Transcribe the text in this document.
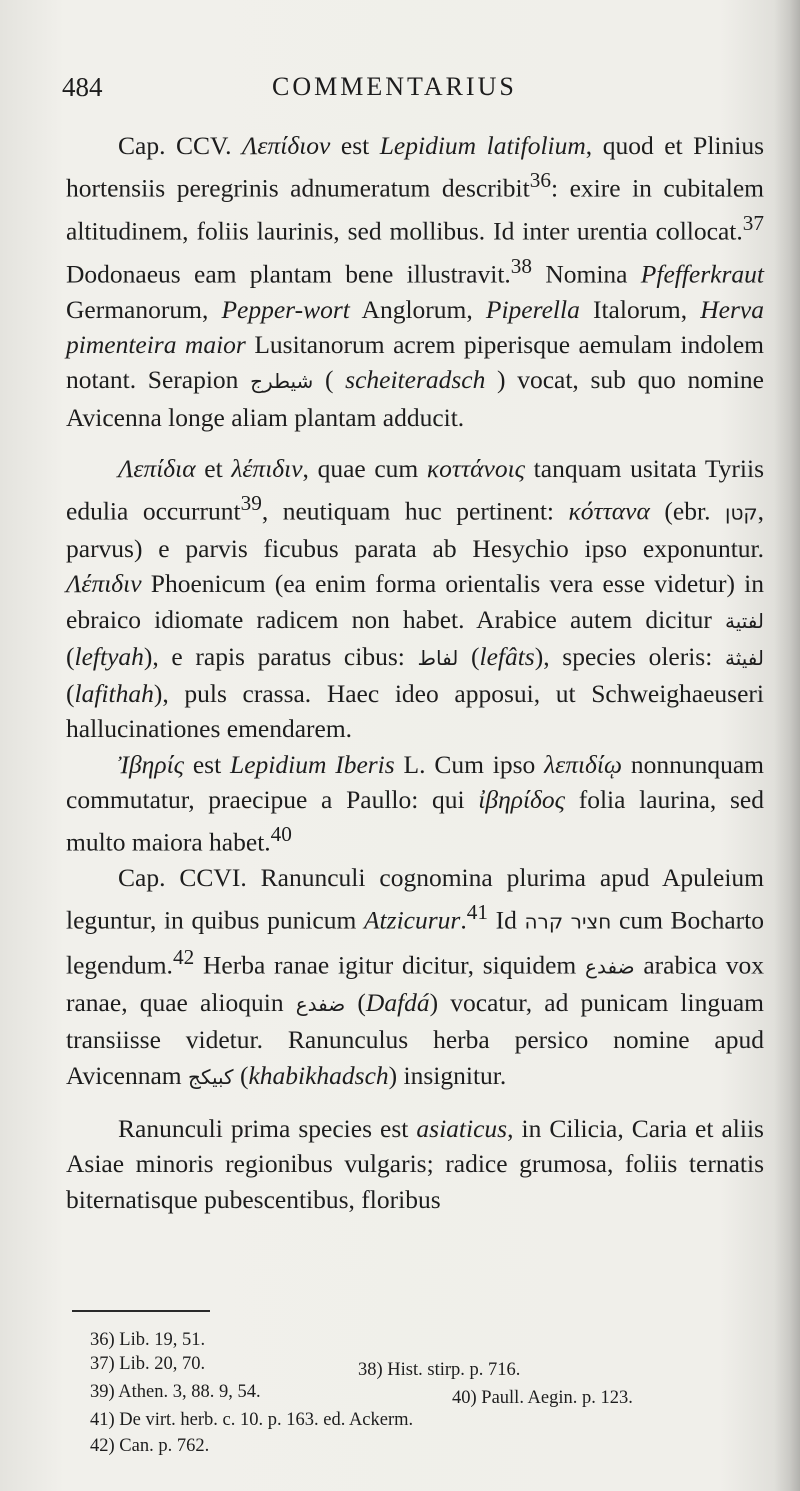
484	COMMENTARIUS

Cap. CCV. Λεπίδιον est Lepidium latifolium, quod et Plinius hortensiis peregrinis adnumeratum describit$^{36}$: exire in cubitalem altitudinem, foliis laurinis, sed mollibus. Id inter urentia collocat.$^{37}$ Dodonaeus eam plantam bene illustravit.$^{38}$ Nomina Pfefferkraut Germanorum, Pepper-wort Anglorum, Piperella Italorum, Herva pimenteira maior Lusitanorum acrem piperisque aemulam indolem notant. Serapion شيطرج ( scheiteradsch ) vocat, sub quo nomine Avicenna longe aliam plantam adducit.

Λεπίδια et λέπιδιν, quae cum κοττάνοις tanquam usitata Tyriis edulia occurrunt$^{39}$, neutiquam huc pertinent: κόττανα (ebr. קטן, parvus) e parvis ficubus parata ab Hesychio ipso exponuntur. Λέπιδιν Phoenicum (ea enim forma orientalis vera esse videtur) in ebraico idiomate radicem non habet. Arabice autem dicitur لفتية (leftyah), e rapis paratus cibus: لفاط (lefâts), species oleris: لفيثة (lafithah), puls crassa. Haec ideo apposui, ut Schweighaeuseri hallucinationes emendarem.

Ἰβηρίς est Lepidium Iberis L. Cum ipso λεπιδίῳ nonnunquam commutatur, praecipue a Paullo: qui ἰβηρίδος folia laurina, sed multo maiora habet.$^{40}$

Cap. CCVI. Ranunculi cognomina plurima apud Apuleium leguntur, in quibus punicum Atzicurur.$^{41}$ Id חציר קרה cum Bocharto legendum.$^{42}$ Herba ranae igitur dicitur, siquidem ضفدع arabica vox ranae, quae alioquin ضفدع (Dafdá) vocatur, ad punicam linguam transiisse videtur. Ranunculus herba persico nomine apud Avicennam كبيكج (khabikhadsch) insignitur.

Ranunculi prima species est asiaticus, in Cilicia, Caria et aliis Asiae minoris regionibus vulgaris; radice grumosa, foliis ternatis biternatisque pubescentibus, floribus

36) Lib. 19, 51.
37) Lib. 20, 70.	38) Hist. stirp. p. 716.
39) Athen. 3, 88. 9, 54.	40) Paull. Aegin. p. 123.
41) De virt. herb. c. 10. p. 163. ed. Ackerm.
42) Can. p. 762.
